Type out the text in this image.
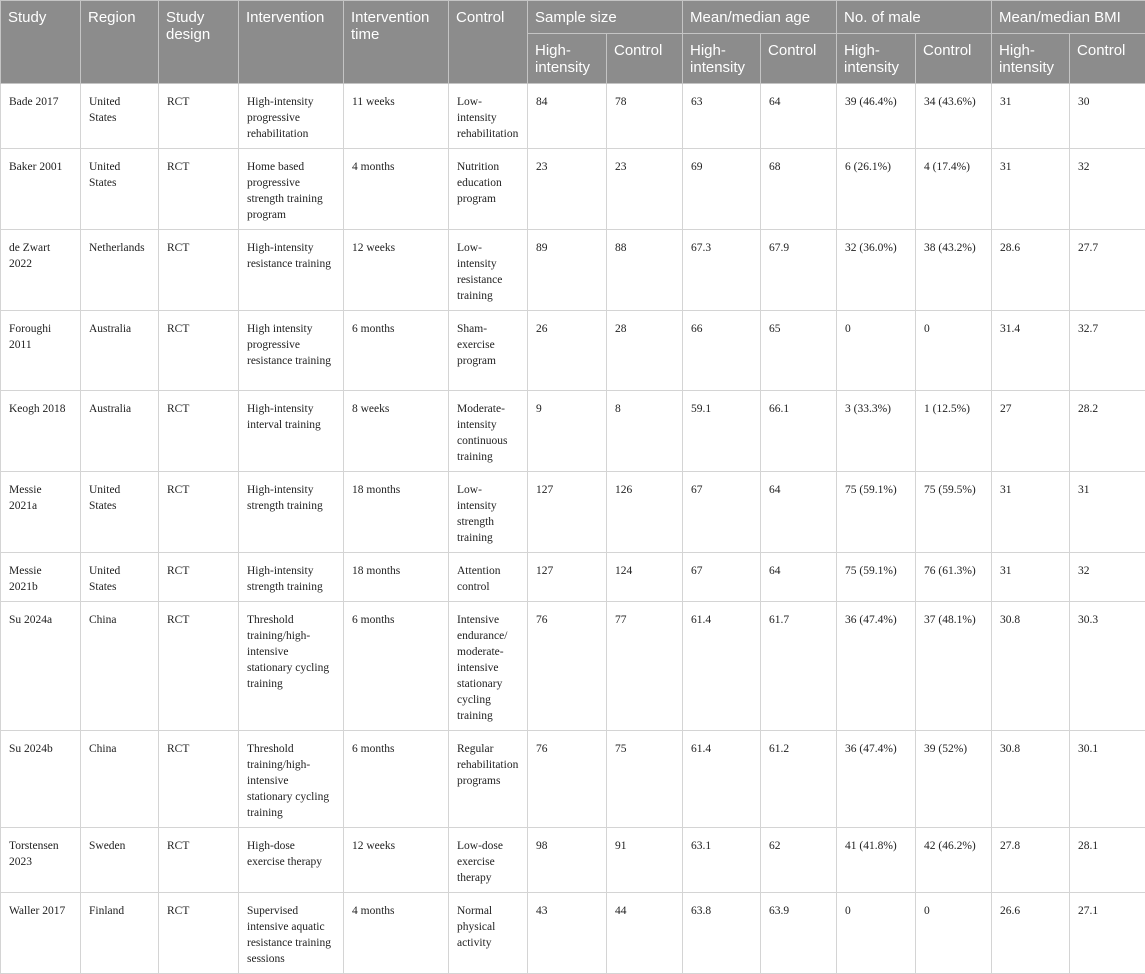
Study	Region	Study design	Intervention	Intervention time	Control	Sample size		Mean/median age		No. of male		Mean/median BMI	
						High-intensity	Control	High-intensity	Control	High-intensity	Control	High-intensity	Control
Bade 2017	United States	RCT	High-intensity progressive rehabilitation	11 weeks	Low-intensity rehabilitation	84	78	63	64	39 (46.4%)	34 (43.6%)	31	30
Baker 2001	United States	RCT	Home based progressive strength training program	4 months	Nutrition education program	23	23	69	68	6 (26.1%)	4 (17.4%)	31	32
de Zwart 2022	Netherlands	RCT	High-intensity resistance training	12 weeks	Low-intensity resistance training	89	88	67.3	67.9	32 (36.0%)	38 (43.2%)	28.6	27.7
Foroughi 2011	Australia	RCT	High intensity progressive resistance training	6 months	Sham-exercise program	26	28	66	65	0	0	31.4	32.7
Keogh 2018	Australia	RCT	High-intensity interval training	8 weeks	Moderate-intensity continuous training	9	8	59.1	66.1	3 (33.3%)	1 (12.5%)	27	28.2
Messie 2021a	United States	RCT	High-intensity strength training	18 months	Low-intensity strength training	127	126	67	64	75 (59.1%)	75 (59.5%)	31	31
Messie 2021b	United States	RCT	High-intensity strength training	18 months	Attention control	127	124	67	64	75 (59.1%)	76 (61.3%)	31	32
Su 2024a	China	RCT	Threshold training/high-intensive stationary cycling training	6 months	Intensive endurance/ moderate-intensive stationary cycling training	76	77	61.4	61.7	36 (47.4%)	37 (48.1%)	30.8	30.3
Su 2024b	China	RCT	Threshold training/high-intensive stationary cycling training	6 months	Regular rehabilitation programs	76	75	61.4	61.2	36 (47.4%)	39 (52%)	30.8	30.1
Torstensen 2023	Sweden	RCT	High-dose exercise therapy	12 weeks	Low-dose exercise therapy	98	91	63.1	62	41 (41.8%)	42 (46.2%)	27.8	28.1
Waller 2017	Finland	RCT	Supervised intensive aquatic resistance training sessions	4 months	Normal physical activity	43	44	63.8	63.9	0	0	26.6	27.1
